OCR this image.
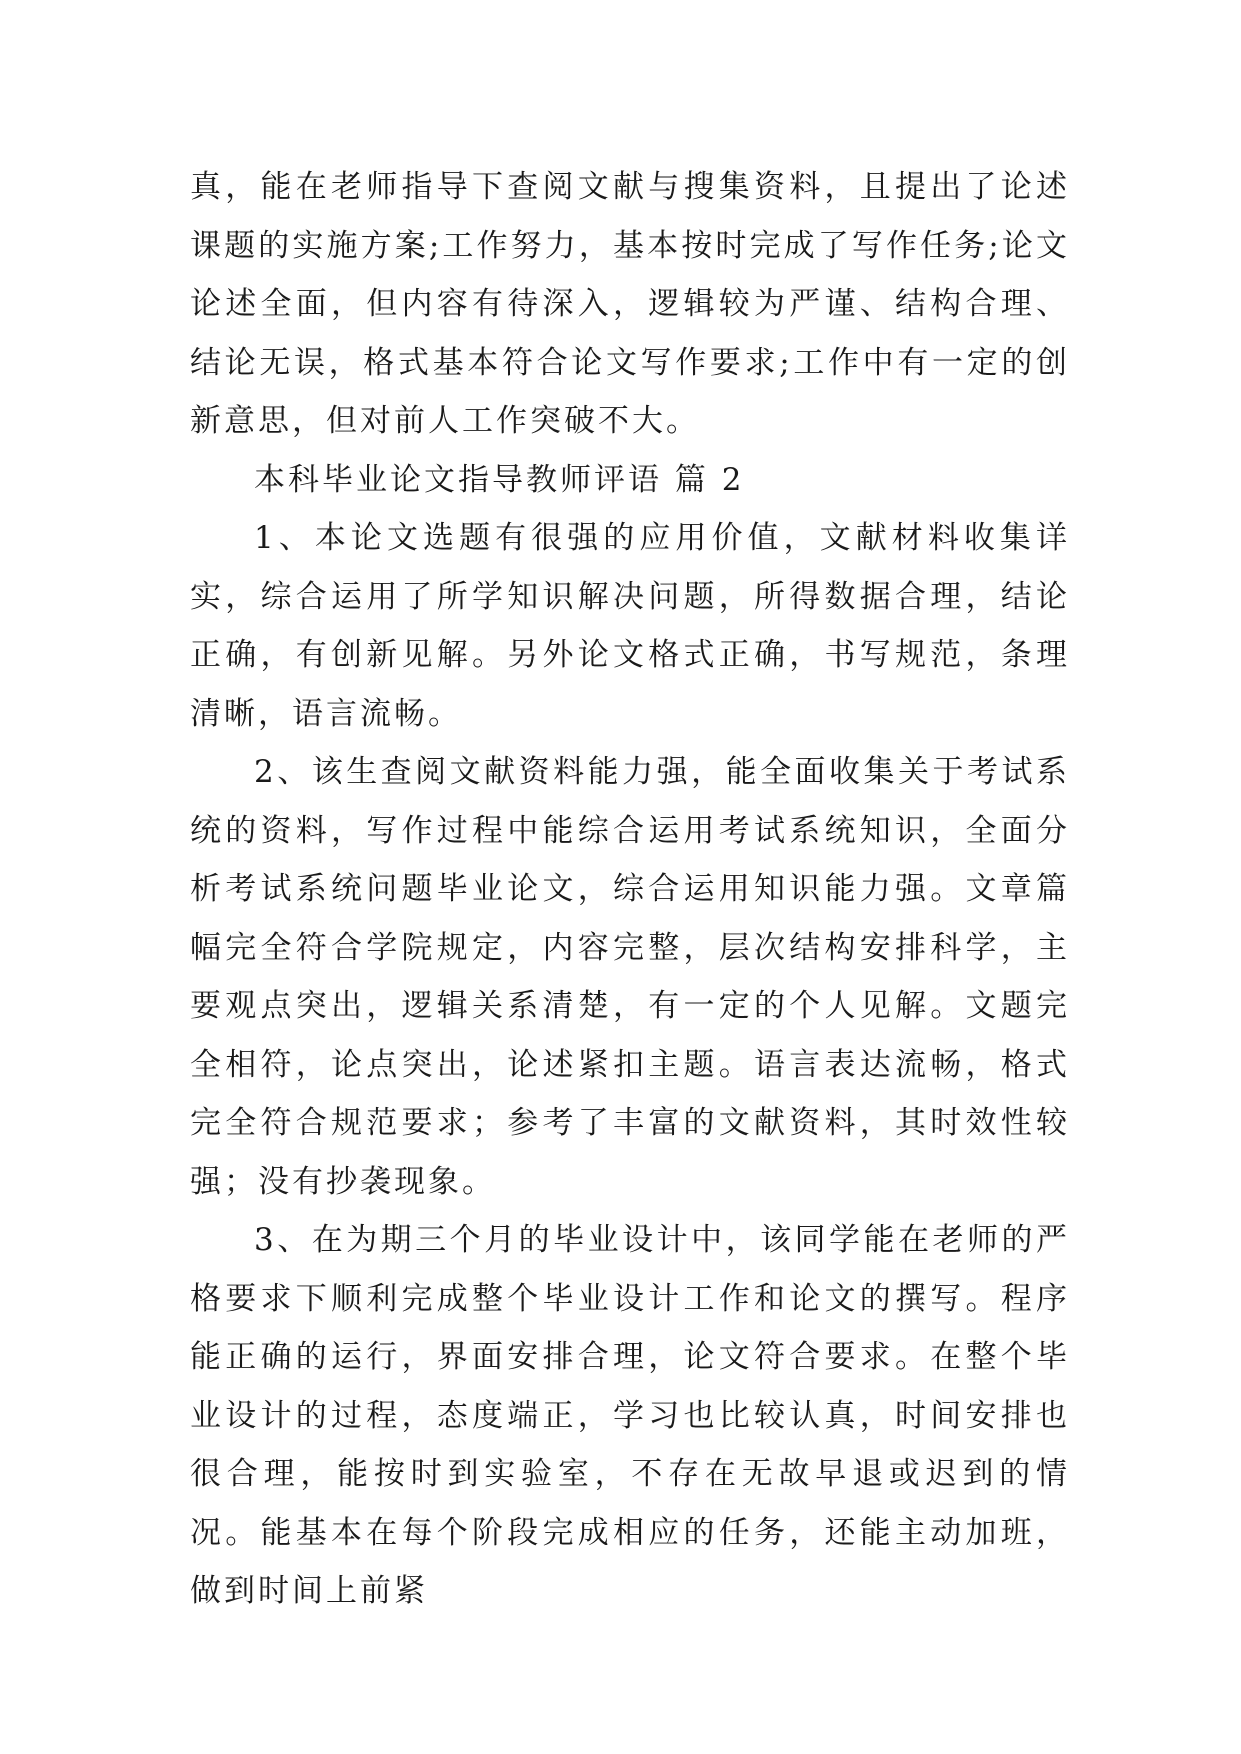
真，能在老师指导下查阅文献与搜集资料，且提出了论述课题的实施方案;工作努力，基本按时完成了写作任务;论文论述全面，但内容有待深入，逻辑较为严谨、结构合理、结论无误，格式基本符合论文写作要求;工作中有一定的创新意思，但对前人工作突破不大。

本科毕业论文指导教师评语 篇 2

1、本论文选题有很强的应用价值，文献材料收集详实，综合运用了所学知识解决问题，所得数据合理，结论正确，有创新见解。另外论文格式正确，书写规范，条理清晰，语言流畅。

2、该生查阅文献资料能力强，能全面收集关于考试系统的资料，写作过程中能综合运用考试系统知识，全面分析考试系统问题毕业论文，综合运用知识能力强。文章篇幅完全符合学院规定，内容完整，层次结构安排科学，主要观点突出，逻辑关系清楚，有一定的个人见解。文题完全相符，论点突出，论述紧扣主题。语言表达流畅，格式完全符合规范要求；参考了丰富的文献资料，其时效性较强；没有抄袭现象。

3、在为期三个月的毕业设计中，该同学能在老师的严格要求下顺利完成整个毕业设计工作和论文的撰写。程序能正确的运行，界面安排合理，论文符合要求。在整个毕业设计的过程，态度端正，学习也比较认真，时间安排也很合理，能按时到实验室，不存在无故早退或迟到的情况。能基本在每个阶段完成相应的任务，还能主动加班，做到时间上前紧
